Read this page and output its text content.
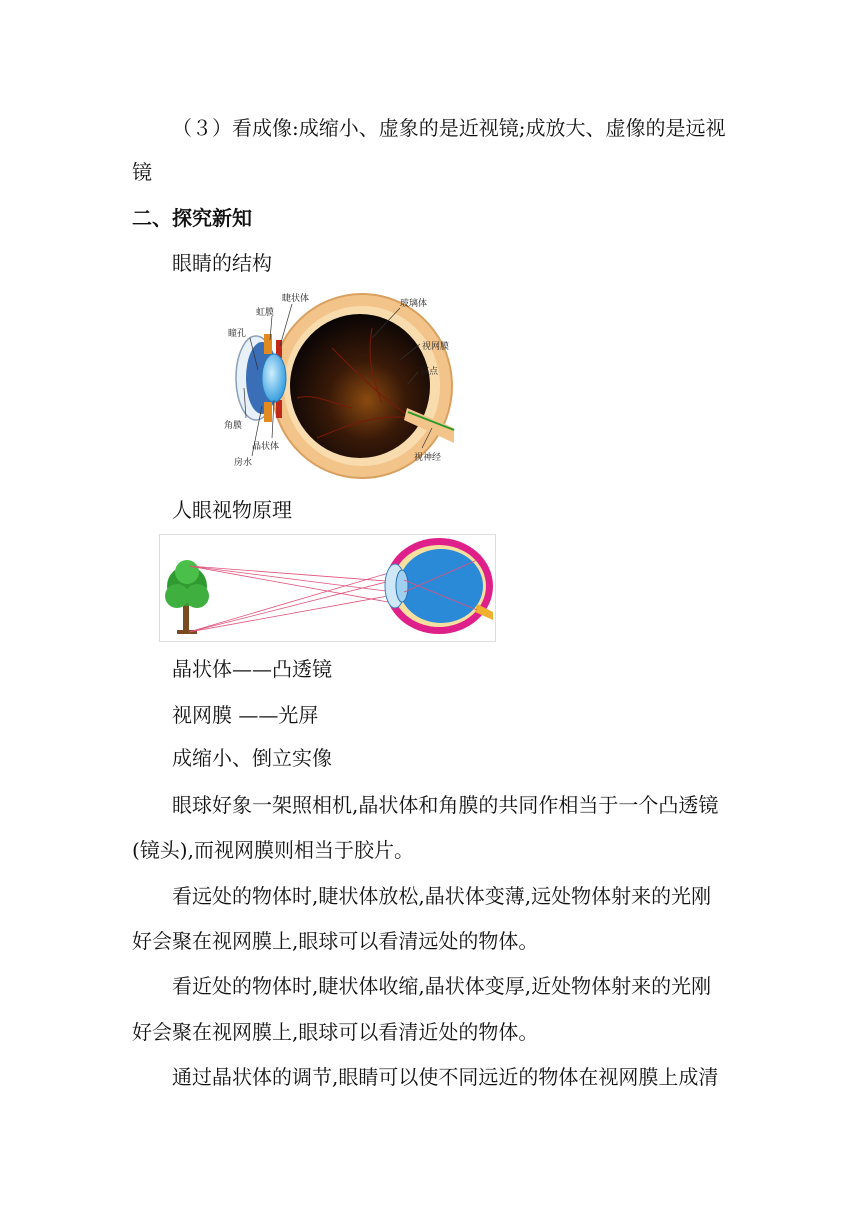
（３）看成像:成缩小、虚象的是近视镜;成放大、虚像的是远视
镜
二、探究新知
眼睛的结构
睫状体
虹膜
瞳孔
玻璃体
视网膜
盲点
角膜
晶状体
房水	视神经
人眼视物原理
晶状体——凸透镜
视网膜 ——光屏
成缩小、倒立实像
眼球好象一架照相机,晶状体和角膜的共同作相当于一个凸透镜
(镜头),而视网膜则相当于胶片。
看远处的物体时,睫状体放松,晶状体变薄,远处物体射来的光刚
好会聚在视网膜上,眼球可以看清远处的物体。
看近处的物体时,睫状体收缩,晶状体变厚,近处物体射来的光刚
好会聚在视网膜上,眼球可以看清近处的物体。
通过晶状体的调节,眼睛可以使不同远近的物体在视网膜上成清
